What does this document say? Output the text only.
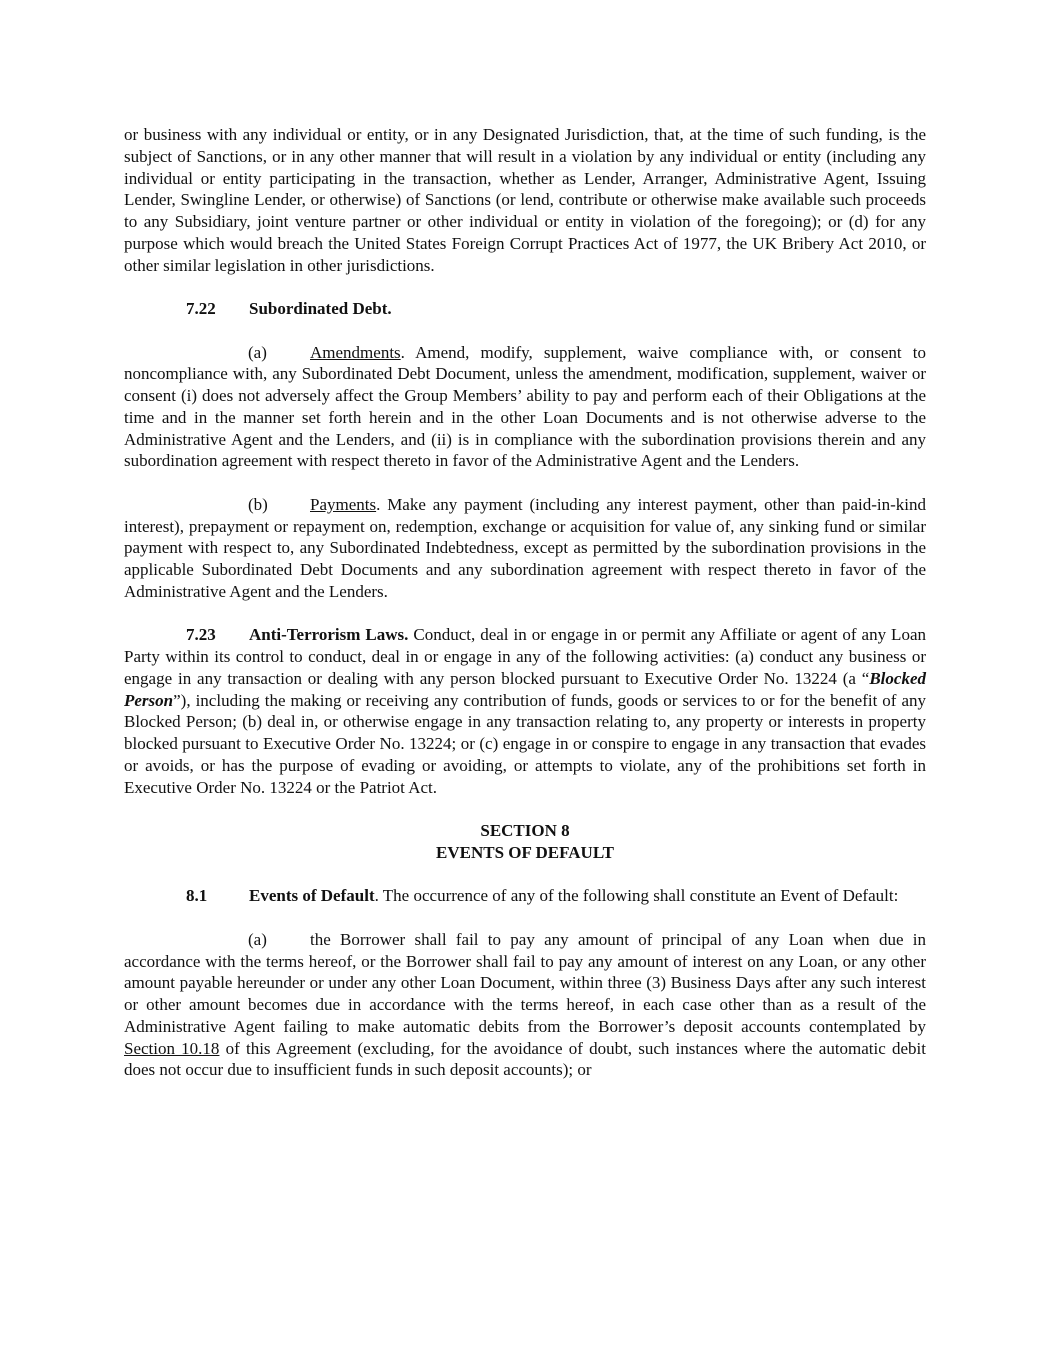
or business with any individual or entity, or in any Designated Jurisdiction, that, at the time of such funding, is the subject of Sanctions, or in any other manner that will result in a violation by any individual or entity (including any individual or entity participating in the transaction, whether as Lender, Arranger, Administrative Agent, Issuing Lender, Swingline Lender, or otherwise) of Sanctions (or lend, contribute or otherwise make available such proceeds to any Subsidiary, joint venture partner or other individual or entity in violation of the foregoing); or (d) for any purpose which would breach the United States Foreign Corrupt Practices Act of 1977, the UK Bribery Act 2010, or other similar legislation in other jurisdictions.

7.22 Subordinated Debt.

(a)	Amendments. Amend, modify, supplement, waive compliance with, or consent to noncompliance with, any Subordinated Debt Document, unless the amendment, modification, supplement, waiver or consent (i) does not adversely affect the Group Members’ ability to pay and perform each of their Obligations at the time and in the manner set forth herein and in the other Loan Documents and is not otherwise adverse to the Administrative Agent and the Lenders, and (ii) is in compliance with the subordination provisions therein and any subordination agreement with respect thereto in favor of the Administrative Agent and the Lenders.

(b) Payments. Make any payment (including any interest payment, other than paid-in-kind interest), prepayment or repayment on, redemption, exchange or acquisition for value of, any sinking fund or similar payment with respect to, any Subordinated Indebtedness, except as permitted by the subordination provisions in the applicable Subordinated Debt Documents and any subordination agreement with respect thereto in favor of the Administrative Agent and the Lenders.

7.23 Anti-Terrorism Laws. Conduct, deal in or engage in or permit any Affiliate or agent of any Loan Party within its control to conduct, deal in or engage in any of the following activities: (a) conduct any business or engage in any transaction or dealing with any person blocked pursuant to Executive Order No. 13224 (a “Blocked Person”), including the making or receiving any contribution of funds, goods or services to or for the benefit of any Blocked Person; (b) deal in, or otherwise engage in any transaction relating to, any property or interests in property blocked pursuant to Executive Order No. 13224; or (c) engage in or conspire to engage in any transaction that evades or avoids, or has the purpose of evading or avoiding, or attempts to violate, any of the prohibitions set forth in Executive Order No. 13224 or the Patriot Act.

SECTION 8
EVENTS OF DEFAULT

8.1 Events of Default. The occurrence of any of the following shall constitute an Event of Default:

(a)	the Borrower shall fail to pay any amount of principal of any Loan when due in accordance with the terms hereof, or the Borrower shall fail to pay any amount of interest on any Loan, or any other amount payable hereunder or under any other Loan Document, within three (3) Business Days after any such interest or other amount becomes due in accordance with the terms hereof, in each case other than as a result of the Administrative Agent failing to make automatic debits from the Borrower’s deposit accounts contemplated by Section 10.18 of this Agreement (excluding, for the avoidance of doubt, such instances where the automatic debit does not occur due to insufficient funds in such deposit accounts); or
